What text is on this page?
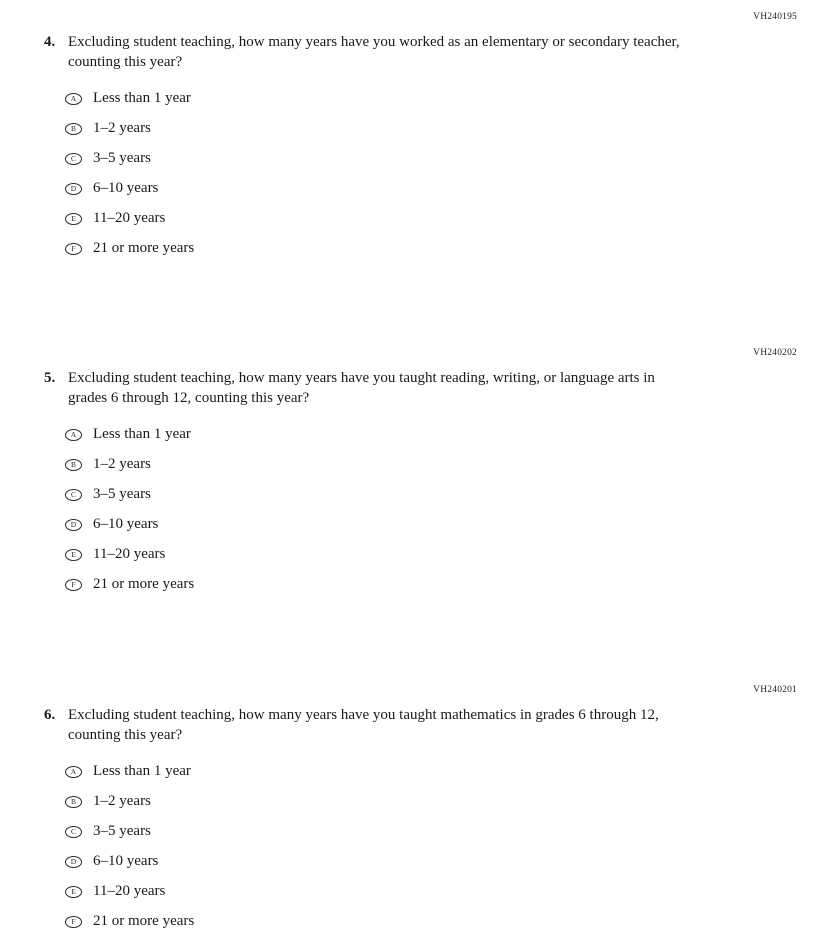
VH240195
4. Excluding student teaching, how many years have you worked as an elementary or secondary teacher, counting this year?
A Less than 1 year
B 1–2 years
C 3–5 years
D 6–10 years
E 11–20 years
F 21 or more years
VH240202
5. Excluding student teaching, how many years have you taught reading, writing, or language arts in grades 6 through 12, counting this year?
A Less than 1 year
B 1–2 years
C 3–5 years
D 6–10 years
E 11–20 years
F 21 or more years
VH240201
6. Excluding student teaching, how many years have you taught mathematics in grades 6 through 12, counting this year?
A Less than 1 year
B 1–2 years
C 3–5 years
D 6–10 years
E 11–20 years
F 21 or more years
